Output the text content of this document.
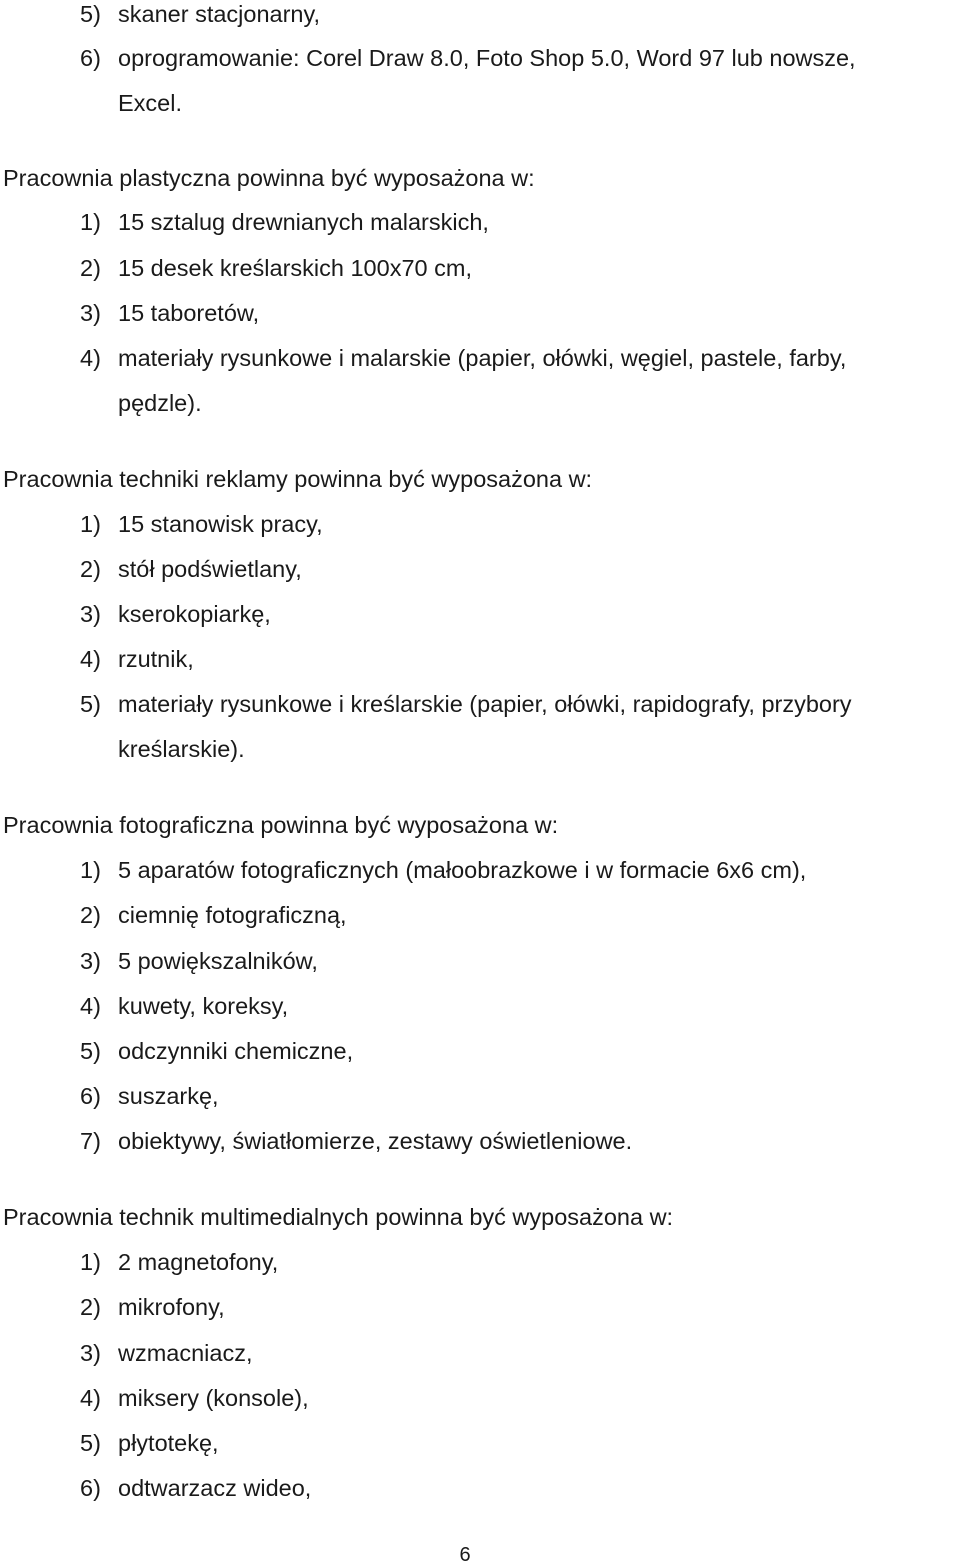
5) skaner stacjonarny,
6) oprogramowanie: Corel Draw 8.0, Foto Shop 5.0, Word 97 lub nowsze,
Excel.
Pracownia plastyczna powinna być wyposażona w:
1) 15 sztalug drewnianych malarskich,
2) 15 desek kreślarskich 100x70 cm,
3) 15 taboretów,
4) materiały rysunkowe i malarskie (papier, ołówki, węgiel, pastele, farby,
pędzle).
Pracownia techniki reklamy powinna być wyposażona w:
1) 15 stanowisk pracy,
2) stół podświetlany,
3) kserokopiarkę,
4) rzutnik,
5) materiały rysunkowe i kreślarskie (papier, ołówki, rapidografy, przybory
kreślarskie).
Pracownia fotograficzna powinna być wyposażona w:
1) 5 aparatów fotograficznych (małoobrazkowe i w formacie 6x6 cm),
2) ciemnię fotograficzną,
3) 5 powiększalników,
4) kuwety, koreksy,
5) odczynniki chemiczne,
6) suszarkę,
7) obiektywy, światłomierze, zestawy oświetleniowe.
Pracownia technik multimedialnych powinna być wyposażona w:
1) 2 magnetofony,
2) mikrofony,
3) wzmacniacz,
4) miksery (konsole),
5) płytotekę,
6) odtwarzacz wideo,
6
